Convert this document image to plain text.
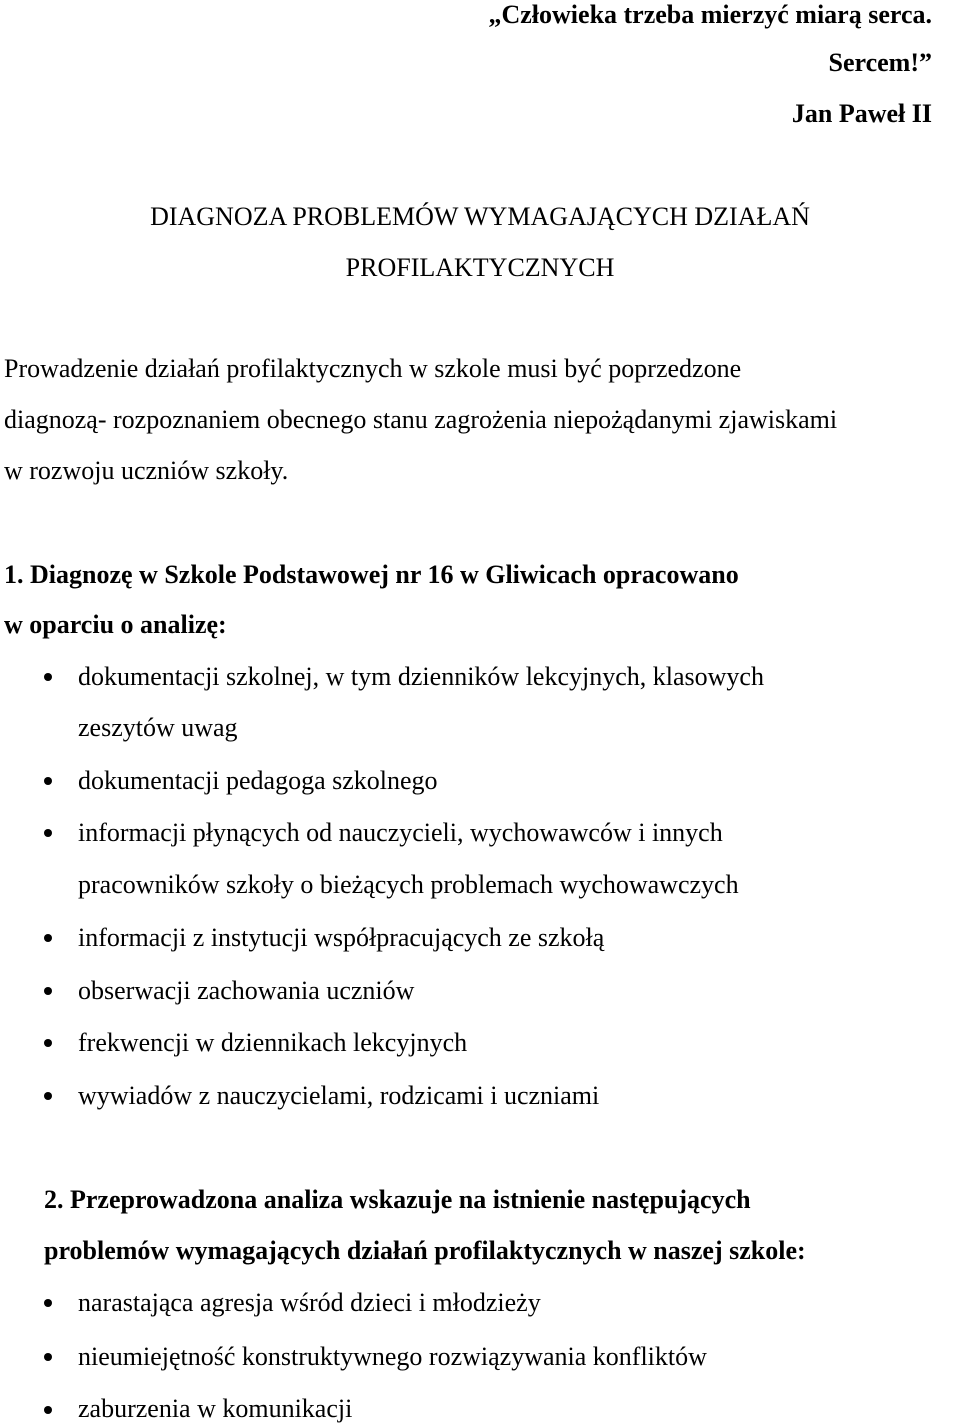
„Człowieka trzeba mierzyć miarą serca.
Sercem!”
Jan Paweł II
DIAGNOZA PROBLEMÓW WYMAGAJĄCYCH DZIAŁAŃ
PROFILAKTYCZNYCH
Prowadzenie działań profilaktycznych w szkole musi być poprzedzone
diagnozą- rozpoznaniem obecnego stanu zagrożenia niepożądanymi zjawiskami
w rozwoju uczniów szkoły.
1. Diagnozę w Szkole Podstawowej nr 16 w Gliwicach opracowano
w oparciu o analizę:
dokumentacji szkolnej, w tym dzienników lekcyjnych, klasowych
zeszytów uwag
dokumentacji pedagoga szkolnego
informacji płynących od nauczycieli, wychowawców i innych
pracowników szkoły o bieżących problemach wychowawczych
informacji z instytucji współpracujących ze szkołą
obserwacji zachowania uczniów
frekwencji w dziennikach lekcyjnych
wywiadów z nauczycielami, rodzicami i uczniami
2. Przeprowadzona analiza wskazuje na istnienie następujących
problemów wymagających działań profilaktycznych w naszej szkole:
narastająca agresja wśród dzieci i młodzieży
nieumiejętność konstruktywnego rozwiązywania konfliktów
zaburzenia w komunikacji
